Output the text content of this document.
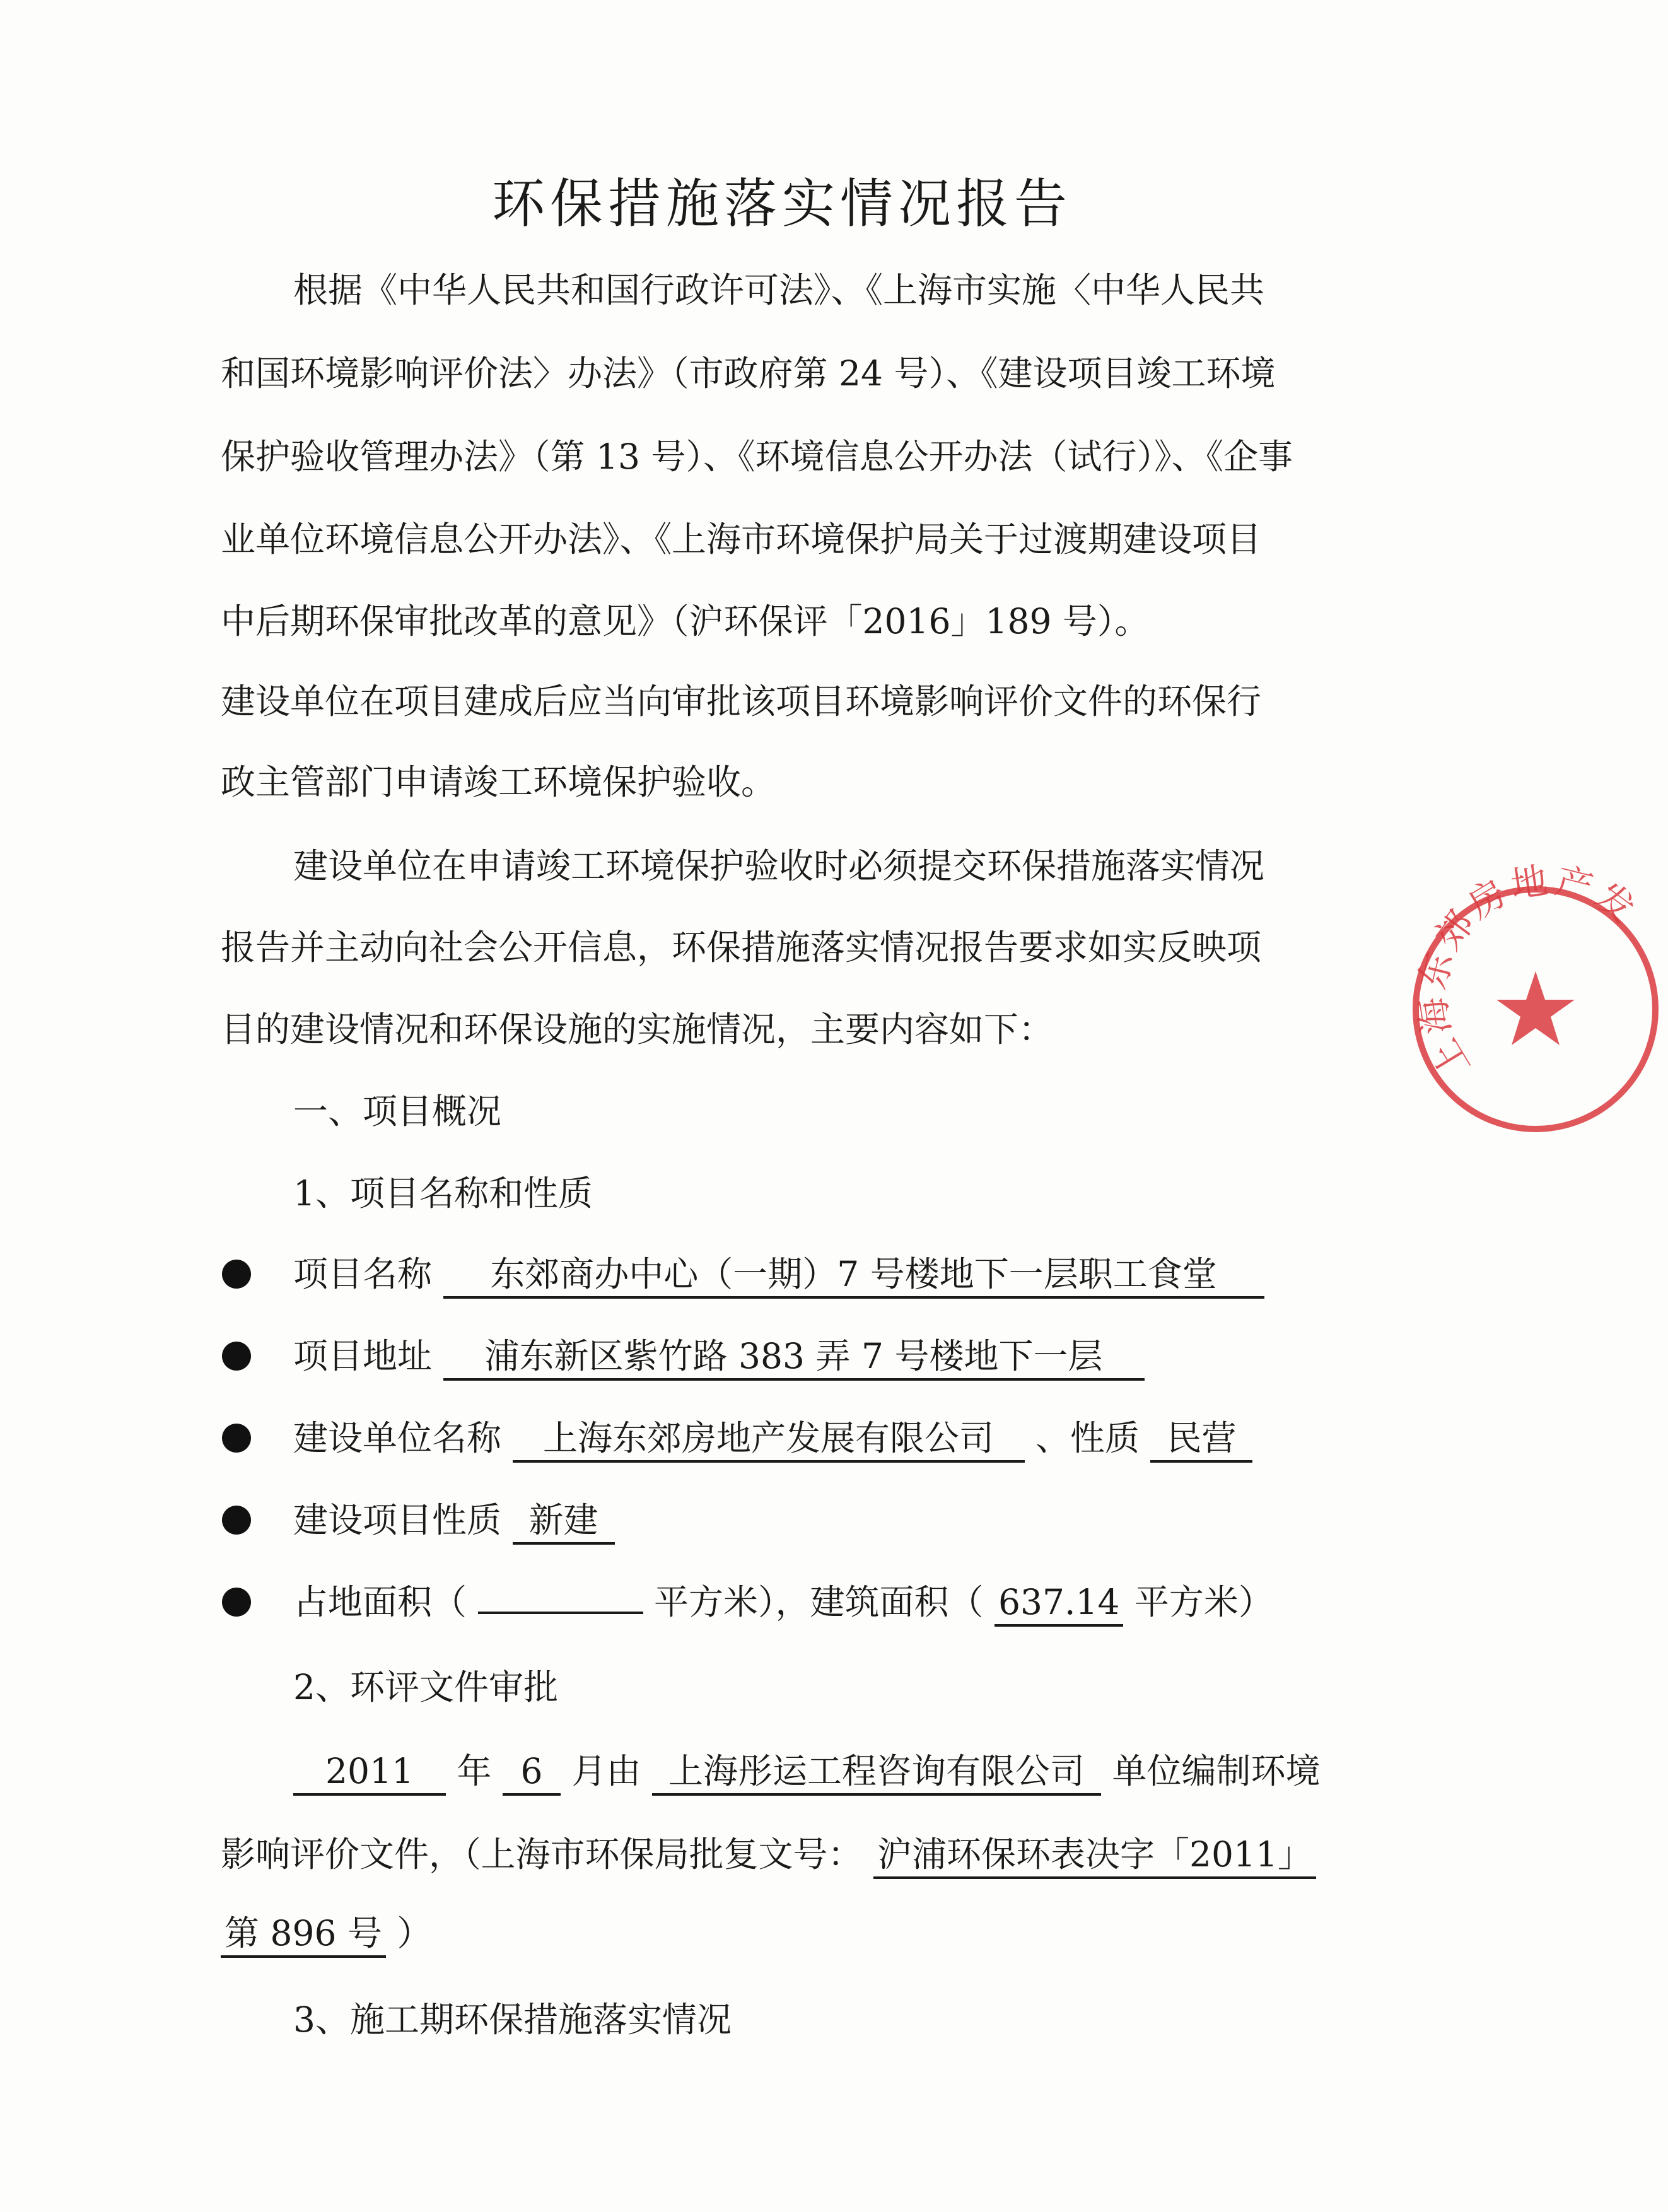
环保措施落实情况报告
根据《中华人民共和国行政许可法》、《上海市实施〈中华人民共
和国环境影响评价法〉办法》（市政府第 24 号）、《建设项目竣工环境
保护验收管理办法》（第 13 号）、《环境信息公开办法（试行）》、《企事
业单位环境信息公开办法》、《上海市环境保护局关于过渡期建设项目
中后期环保审批改革的意见》（沪环保评「2016」189 号）。
建设单位在项目建成后应当向审批该项目环境影响评价文件的环保行
政主管部门申请竣工环境保护验收。
建设单位在申请竣工环境保护验收时必须提交环保措施落实情况
报告并主动向社会公开信息，环保措施落实情况报告要求如实反映项
目的建设情况和环保设施的实施情况，主要内容如下：
一、项目概况
1、项目名称和性质
项目名称 东郊商办中心（一期）7 号楼地下一层职工食堂
项目地址 浦东新区紫竹路 383 弄 7 号楼地下一层
建设单位名称 上海东郊房地产发展有限公司 、性质 民营
建设项目性质 新建
占地面积（	平方米），建筑面积（ 637.14 平方米）
2、环评文件审批
2011 年 6 月由 上海彤运工程咨询有限公司 单位编制环境
影响评价文件，（上海市环保局批复文号： 沪浦环保环表决字「2011」
第 896 号 ）
3、施工期环保措施落实情况
上海东郊房地产发展
